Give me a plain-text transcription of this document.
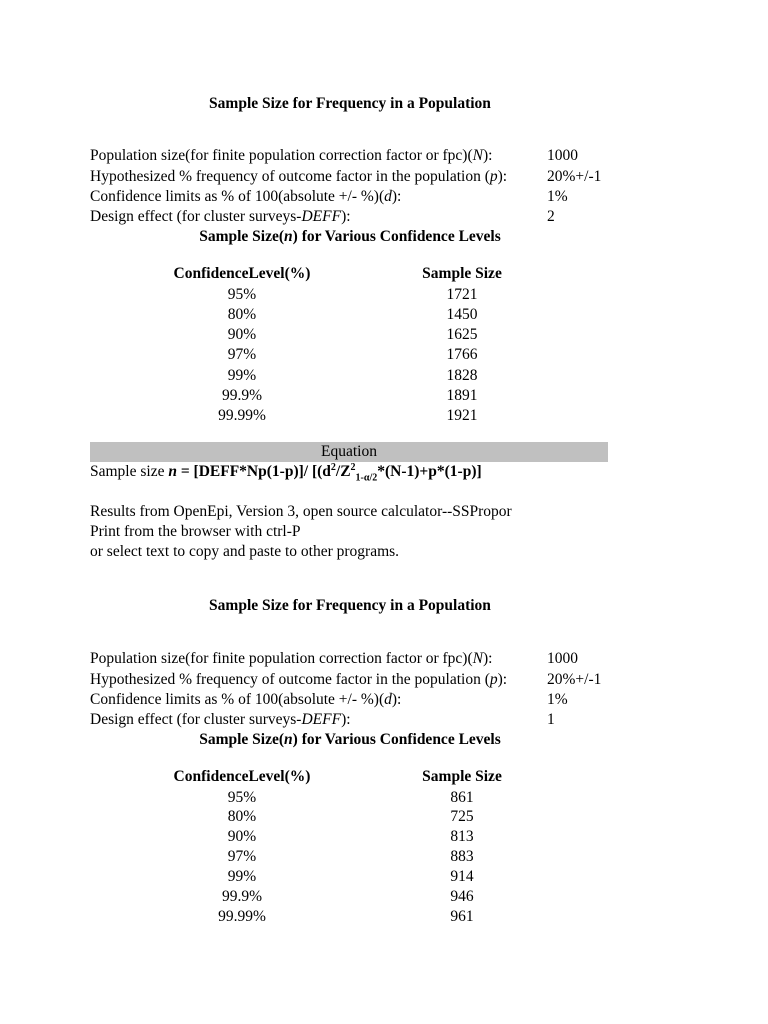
Sample Size for Frequency in a Population
Population size(for finite population correction factor or fpc)(N):	1000
Hypothesized % frequency of outcome factor in the population (p):	20%+/-1
Confidence limits as % of 100(absolute +/- %)(d):	1%
Design effect (for cluster surveys-DEFF):	2
Sample Size(n) for Various Confidence Levels
ConfidenceLevel(%)	Sample Size
95%	1721
80%	1450
90%	1625
97%	1766
99%	1828
99.9%	1891
99.99%	1921
Equation
Sample size n = [DEFF*Np(1-p)]/ [$(d^2/Z^2_{1-\alpha/2}*(N-1)+p*(1-p)]$
Results from OpenEpi, Version 3, open source calculator--SSPropor
Print from the browser with ctrl-P
or select text to copy and paste to other programs.
Sample Size for Frequency in a Population
Population size(for finite population correction factor or fpc)(N):	1000
Hypothesized % frequency of outcome factor in the population (p):	20%+/-1
Confidence limits as % of 100(absolute +/- %)(d):	1%
Design effect (for cluster surveys-DEFF):	1
Sample Size(n) for Various Confidence Levels
ConfidenceLevel(%)	Sample Size
95%	861
80%	725
90%	813
97%	883
99%	914
99.9%	946
99.99%	961
